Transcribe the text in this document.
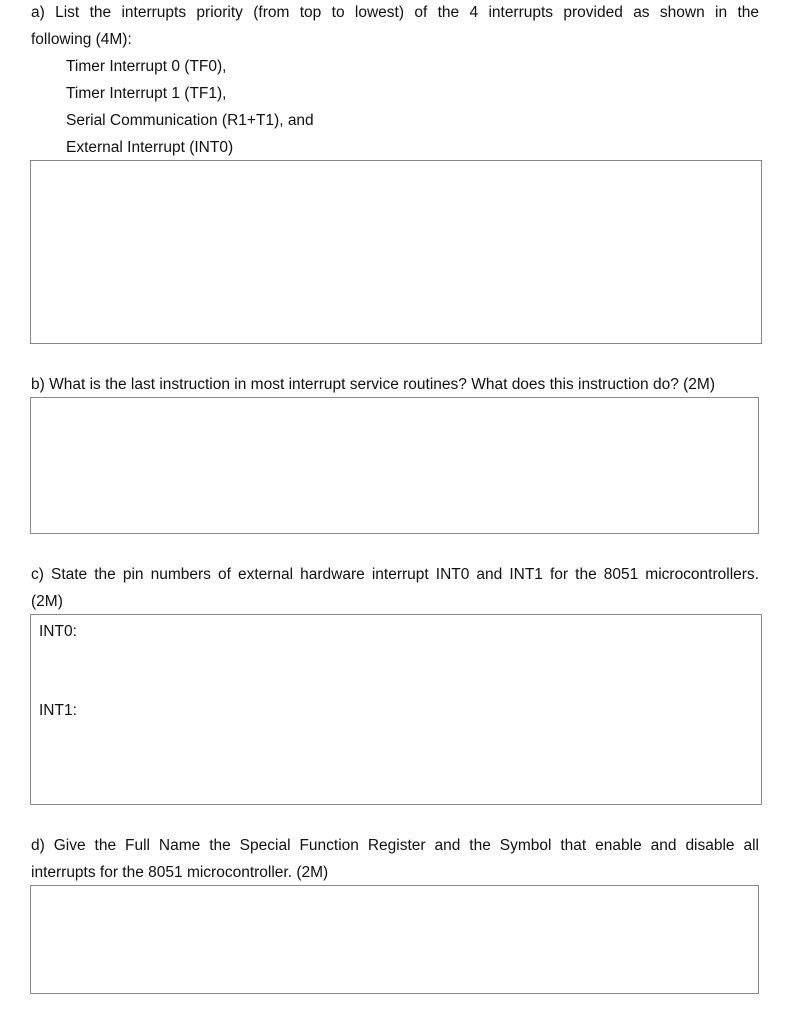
a) List the interrupts priority (from top to lowest) of the 4 interrupts provided as shown in the
following (4M):
Timer Interrupt 0 (TF0),
Timer Interrupt 1 (TF1),
Serial Communication (R1+T1), and
External Interrupt (INT0)
b) What is the last instruction in most interrupt service routines? What does this instruction do? (2M)
c) State the pin numbers of external hardware interrupt INT0 and INT1 for the 8051 microcontrollers.
(2M)
INT0:
INT1:
d) Give the Full Name the Special Function Register and the Symbol that enable and disable all
interrupts for the 8051 microcontroller. (2M)
